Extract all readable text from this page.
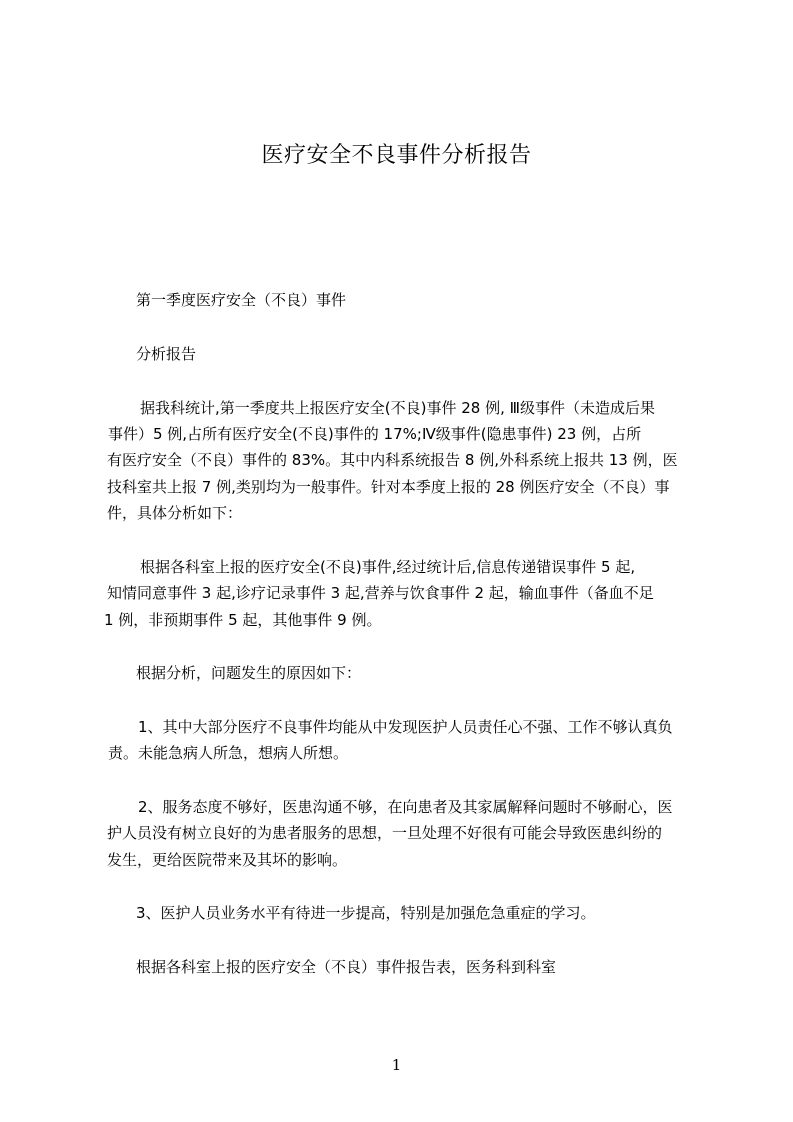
医疗安全不良事件分析报告
第一季度医疗安全（不良）事件
分析报告
据我科统计,第一季度共上报医疗安全(不良)事件 28 例, Ⅲ级事件（未造成后果
事件）5 例,占所有医疗安全(不良)事件的 17%;Ⅳ级事件(隐患事件) 23 例，占所
有医疗安全（不良）事件的 83%。其中内科系统报告 8 例,外科系统上报共 13 例，医
技科室共上报 7 例,类别均为一般事件。针对本季度上报的 28 例医疗安全（不良）事
件，具体分析如下：
根据各科室上报的医疗安全(不良)事件,经过统计后,信息传递错误事件 5 起,
知情同意事件 3 起,诊疗记录事件 3 起,营养与饮食事件 2 起，输血事件（备血不足
1 例，非预期事件 5 起，其他事件 9 例。
根据分析，问题发生的原因如下：
1、其中大部分医疗不良事件均能从中发现医护人员责任心不强、工作不够认真负
责。未能急病人所急，想病人所想。
2、服务态度不够好，医患沟通不够，在向患者及其家属解释问题时不够耐心，医
护人员没有树立良好的为患者服务的思想，一旦处理不好很有可能会导致医患纠纷的
发生，更给医院带来及其坏的影响。
3、医护人员业务水平有待进一步提高，特别是加强危急重症的学习。
根据各科室上报的医疗安全（不良）事件报告表，医务科到科室
1
